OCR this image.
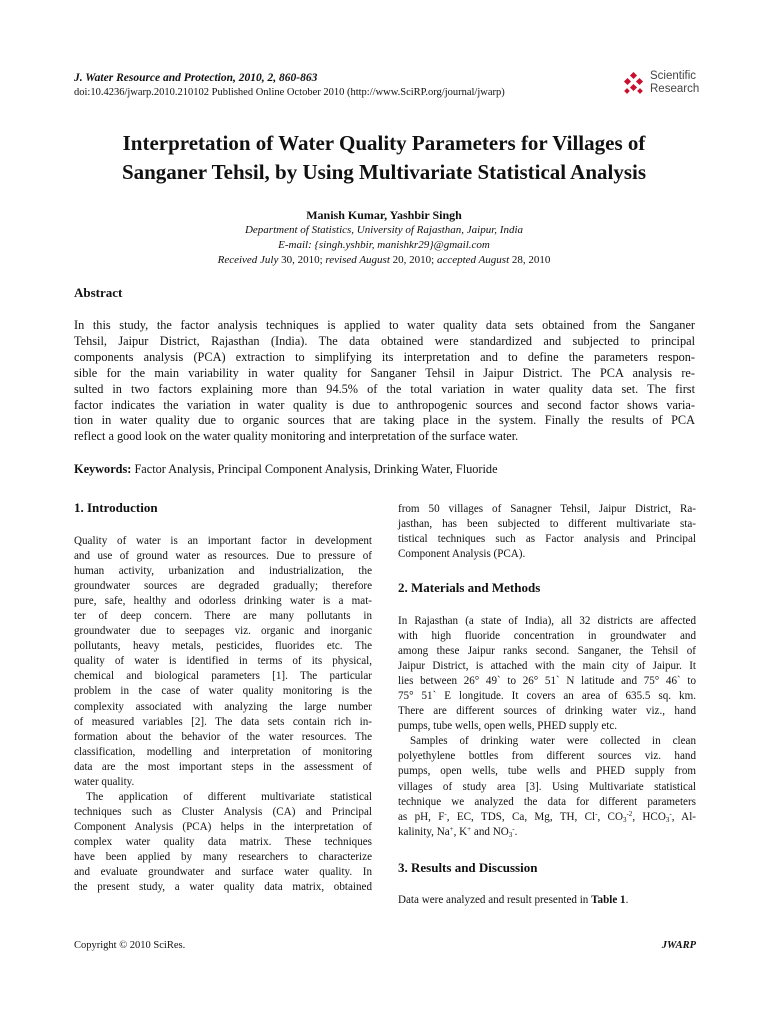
J. Water Resource and Protection, 2010, 2, 860-863
doi:10.4236/jwarp.2010.210102 Published Online October 2010 (http://www.SciRP.org/journal/jwarp)
Scientific
Research
Interpretation of Water Quality Parameters for Villages of
Sanganer Tehsil, by Using Multivariate Statistical Analysis
Manish Kumar, Yashbir Singh
Department of Statistics, University of Rajasthan, Jaipur, India
E-mail: {singh.yshbir, manishkr29}@gmail.com
Received July 30, 2010; revised August 20, 2010; accepted August 28, 2010
Abstract
In this study, the factor analysis techniques is applied to water quality data sets obtained from the Sanganer
Tehsil, Jaipur District, Rajasthan (India). The data obtained were standardized and subjected to principal
components analysis (PCA) extraction to simplifying its interpretation and to define the parameters respon-
sible for the main variability in water quality for Sanganer Tehsil in Jaipur District. The PCA analysis re-
sulted in two factors explaining more than 94.5% of the total variation in water quality data set. The first
factor indicates the variation in water quality is due to anthropogenic sources and second factor shows varia-
tion in water quality due to organic sources that are taking place in the system. Finally the results of PCA
reflect a good look on the water quality monitoring and interpretation of the surface water.
Keywords: Factor Analysis, Principal Component Analysis, Drinking Water, Fluoride
1. Introduction
Quality of water is an important factor in development
and use of ground water as resources. Due to pressure of
human activity, urbanization and industrialization, the
groundwater sources are degraded gradually; therefore
pure, safe, healthy and odorless drinking water is a mat-
ter of deep concern. There are many pollutants in
groundwater due to seepages viz. organic and inorganic
pollutants, heavy metals, pesticides, fluorides etc. The
quality of water is identified in terms of its physical,
chemical and biological parameters [1]. The particular
problem in the case of water quality monitoring is the
complexity associated with analyzing the large number
of measured variables [2]. The data sets contain rich in-
formation about the behavior of the water resources. The
classification, modelling and interpretation of monitoring
data are the most important steps in the assessment of
water quality.
The application of different multivariate statistical
techniques such as Cluster Analysis (CA) and Principal
Component Analysis (PCA) helps in the interpretation of
complex water quality data matrix. These techniques
have been applied by many researchers to characterize
and evaluate groundwater and surface water quality. In
the present study, a water quality data matrix, obtained
from 50 villages of Sanagner Tehsil, Jaipur District, Ra-
jasthan, has been subjected to different multivariate sta-
tistical techniques such as Factor analysis and Principal
Component Analysis (PCA).
2. Materials and Methods
In Rajasthan (a state of India), all 32 districts are affected
with high fluoride concentration in groundwater and
among these Jaipur ranks second. Sanganer, the Tehsil of
Jaipur District, is attached with the main city of Jaipur. It
lies between 26° 49` to 26° 51` N latitude and 75° 46` to
75° 51` E longitude. It covers an area of 635.5 sq. km.
There are different sources of drinking water viz., hand
pumps, tube wells, open wells, PHED supply etc.
Samples of drinking water were collected in clean
polyethylene bottles from different sources viz. hand
pumps, open wells, tube wells and PHED supply from
villages of study area [3]. Using Multivariate statistical
technique we analyzed the data for different parameters
as pH, F-, EC, TDS, Ca, Mg, TH, Cl-, $CO_3^{-2}$, $HCO_3^-$, Al-
kalinity, Na+, K+ and $NO_3^-$.
3. Results and Discussion
Data were analyzed and result presented in Table 1.
Copyright © 2010 SciRes.	JWARP
